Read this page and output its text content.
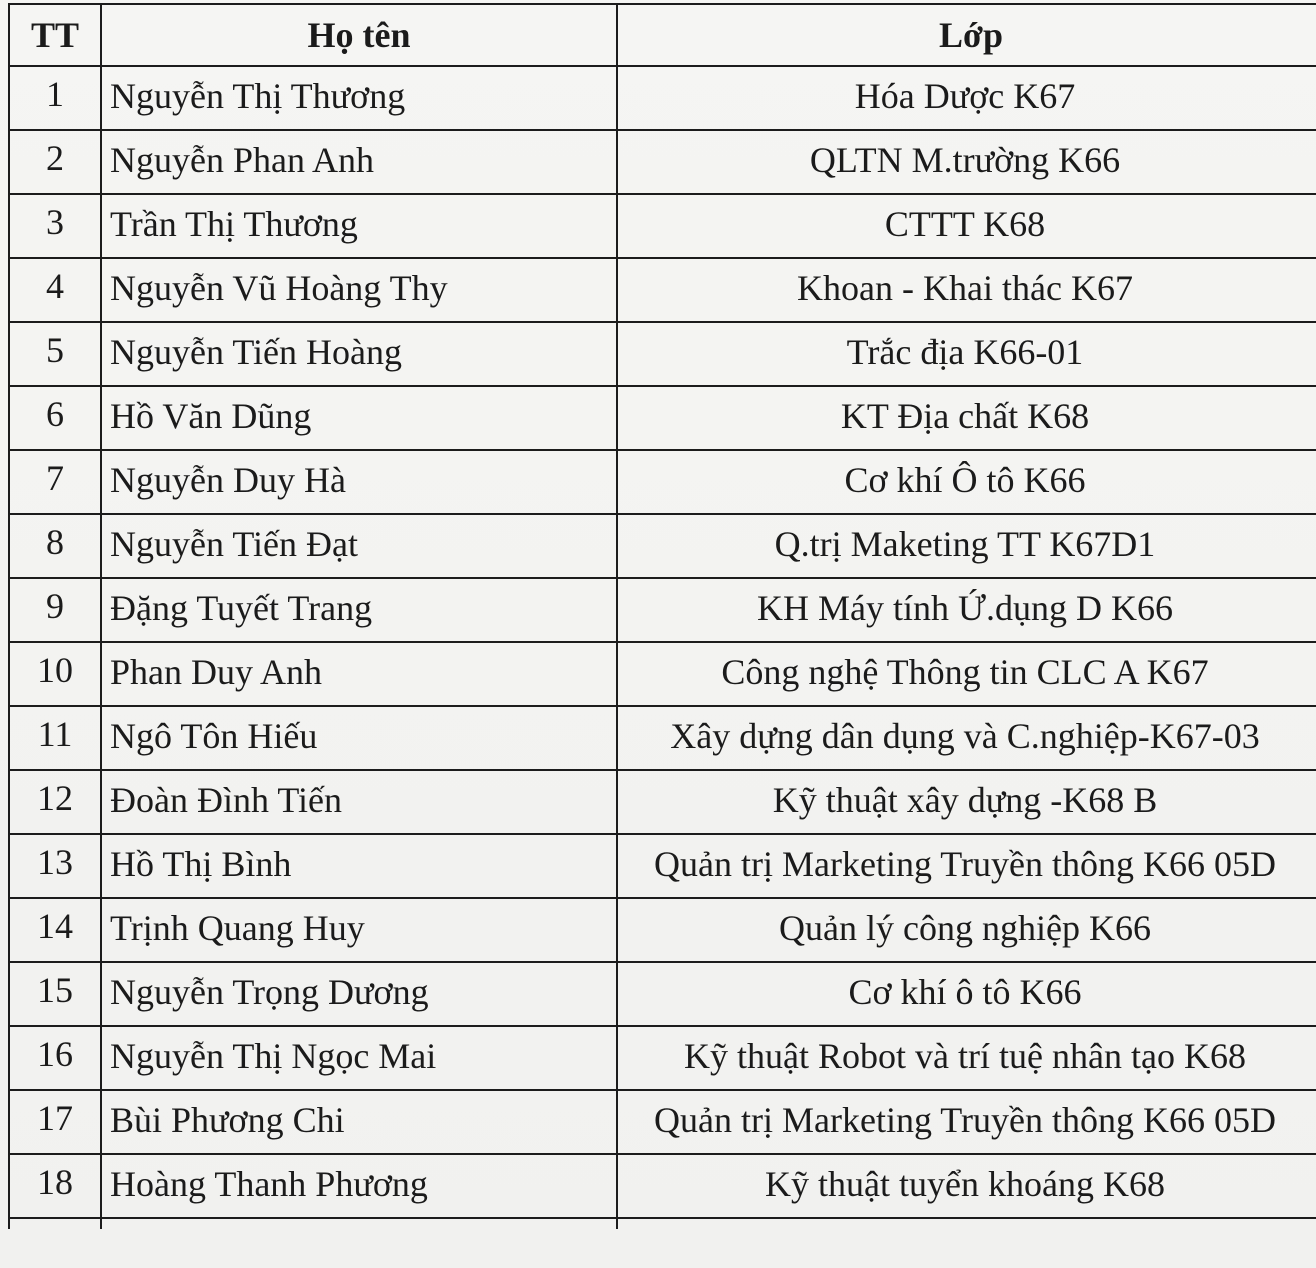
TT	Họ tên	Lớp
1	Nguyễn Thị Thương	Hóa Dược K67
2	Nguyễn Phan Anh	QLTN M.trường K66
3	Trần Thị Thương	CTTT K68
4	Nguyễn Vũ Hoàng Thy	Khoan - Khai thác K67
5	Nguyễn Tiến Hoàng	Trắc địa K66-01
6	Hồ Văn Dũng	KT Địa chất K68
7	Nguyễn Duy Hà	Cơ khí Ô tô K66
8	Nguyễn Tiến Đạt	Q.trị Maketing TT K67D1
9	Đặng Tuyết Trang	KH Máy tính Ứ.dụng D K66
10	Phan Duy Anh	Công nghệ Thông tin CLC A K67
11	Ngô Tôn Hiếu	Xây dựng dân dụng và C.nghiệp-K67-03
12	Đoàn Đình Tiến	Kỹ thuật xây dựng -K68 B
13	Hồ Thị Bình	Quản trị Marketing Truyền thông K66 05D
14	Trịnh Quang Huy	Quản lý công nghiệp K66
15	Nguyễn Trọng Dương	Cơ khí ô tô K66
16	Nguyễn Thị Ngọc Mai	Kỹ thuật Robot và trí tuệ nhân tạo K68
17	Bùi Phương Chi	Quản trị Marketing Truyền thông K66 05D
18	Hoàng Thanh Phương	Kỹ thuật tuyển khoáng K68
